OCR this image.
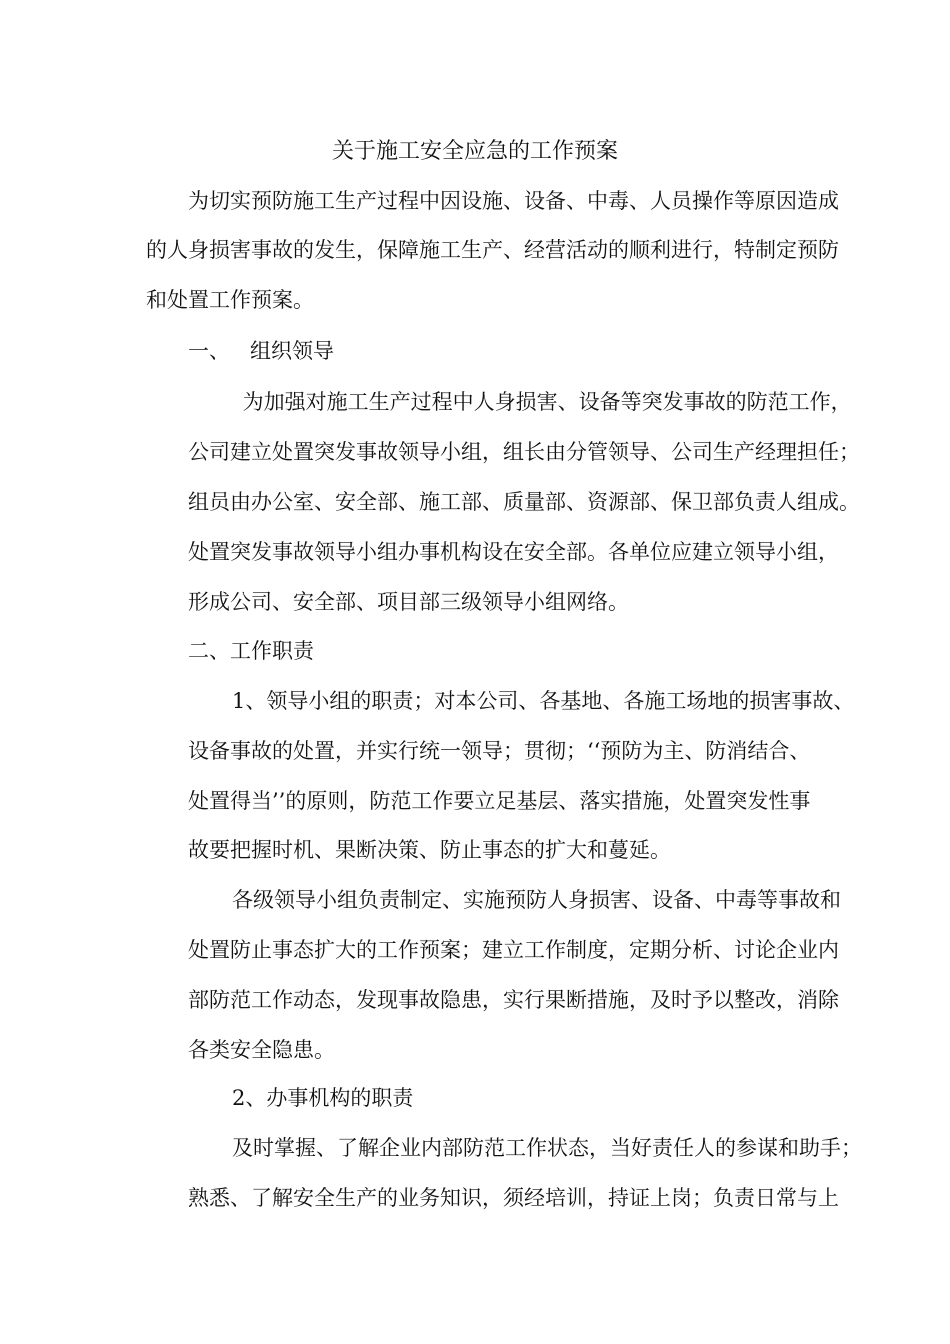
关于施工安全应急的工作预案
为切实预防施工生产过程中因设施、设备、中毒、人员操作等原因造成
的人身损害事故的发生，保障施工生产、经营活动的顺利进行，特制定预防
和处置工作预案。
一、   组织领导
为加强对施工生产过程中人身损害、设备等突发事故的防范工作，
公司建立处置突发事故领导小组，组长由分管领导、公司生产经理担任；
组员由办公室、安全部、施工部、质量部、资源部、保卫部负责人组成。
处置突发事故领导小组办事机构设在安全部。各单位应建立领导小组，
形成公司、安全部、项目部三级领导小组网络。
二、工作职责
1、领导小组的职责；对本公司、各基地、各施工场地的损害事故、
设备事故的处置，并实行统一领导；贯彻；‘‘预防为主、防消结合、
处置得当’’的原则，防范工作要立足基层、落实措施，处置突发性事
故要把握时机、果断决策、防止事态的扩大和蔓延。
各级领导小组负责制定、实施预防人身损害、设备、中毒等事故和
处置防止事态扩大的工作预案；建立工作制度，定期分析、讨论企业内
部防范工作动态，发现事故隐患，实行果断措施，及时予以整改，消除
各类安全隐患。
2、办事机构的职责
及时掌握、了解企业内部防范工作状态，当好责任人的参谋和助手；
熟悉、了解安全生产的业务知识，须经培训，持证上岗；负责日常与上
